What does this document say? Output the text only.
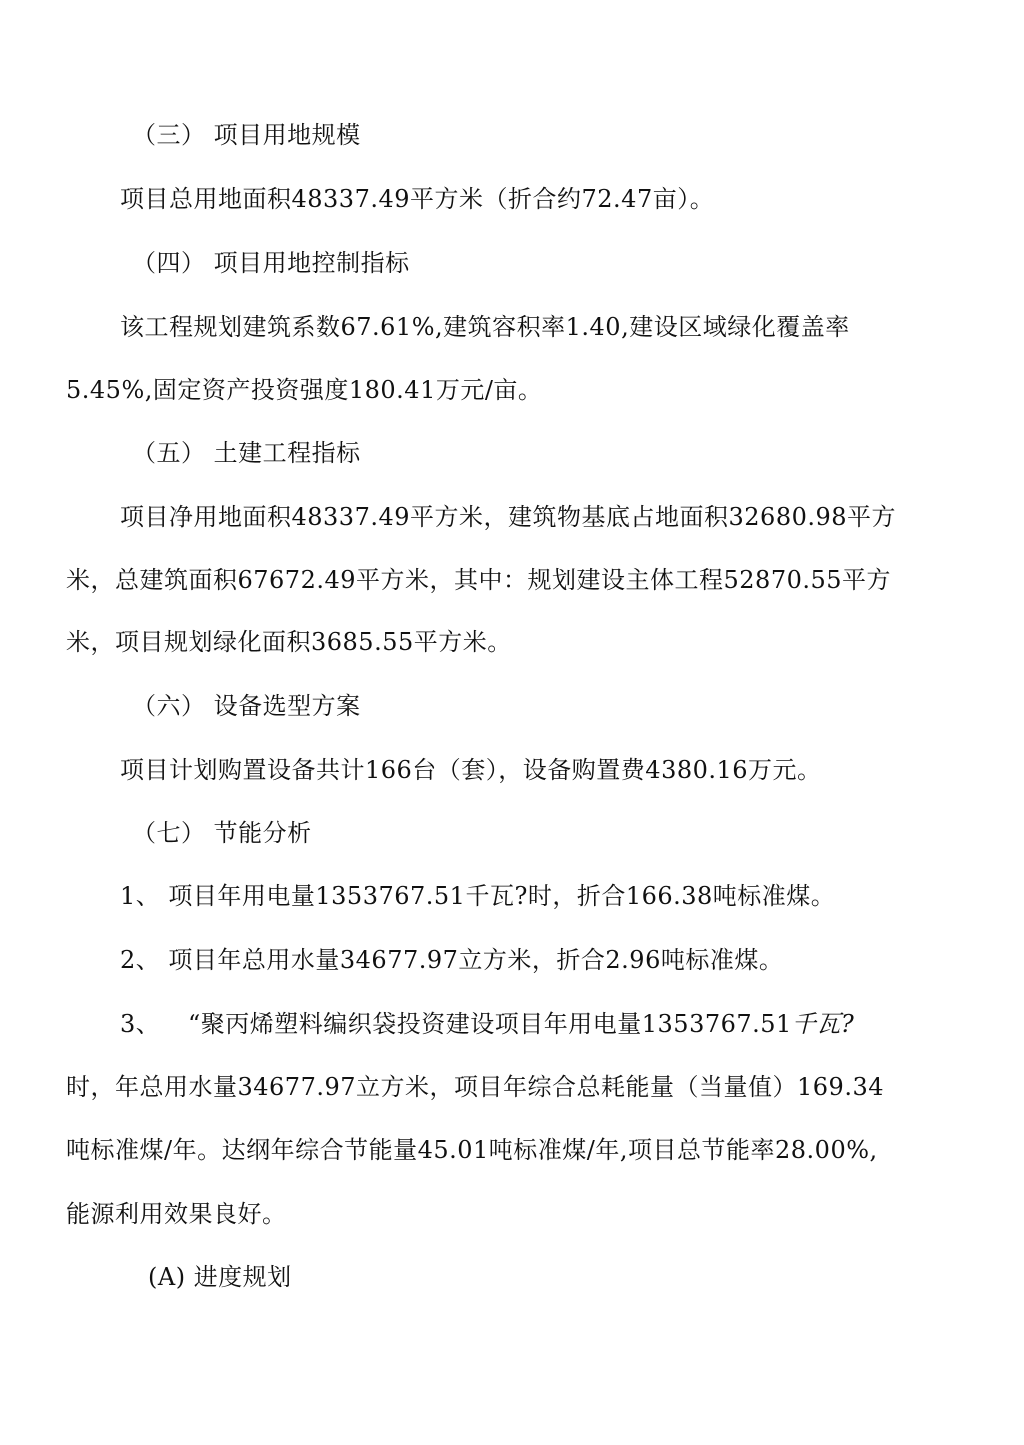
（三） 项目用地规模
项目总用地面积48337.49平方米（折合约72.47亩）。
（四） 项目用地控制指标
该工程规划建筑系数67.61%,建筑容积率1.40,建设区域绿化覆盖率
5.45%,固定资产投资强度180.41万元/亩。
（五） 土建工程指标
项目净用地面积48337.49平方米，建筑物基底占地面积32680.98平方
米，总建筑面积67672.49平方米，其中：规划建设主体工程52870.55平方
米，项目规划绿化面积3685.55平方米。
（六） 设备选型方案
项目计划购置设备共计166台（套），设备购置费4380.16万元。
（七） 节能分析
1、 项目年用电量1353767.51千瓦?时，折合166.38吨标准煤。
2、 项目年总用水量34677.97立方米，折合2.96吨标准煤。
3、 “聚丙烯塑料编织袋投资建设项目年用电量1353767.51千瓦?
时，年总用水量34677.97立方米，项目年综合总耗能量（当量值）169.34
吨标准煤/年。达纲年综合节能量45.01吨标准煤/年,项目总节能率28.00%,
能源利用效果良好。
(A) 进度规划
